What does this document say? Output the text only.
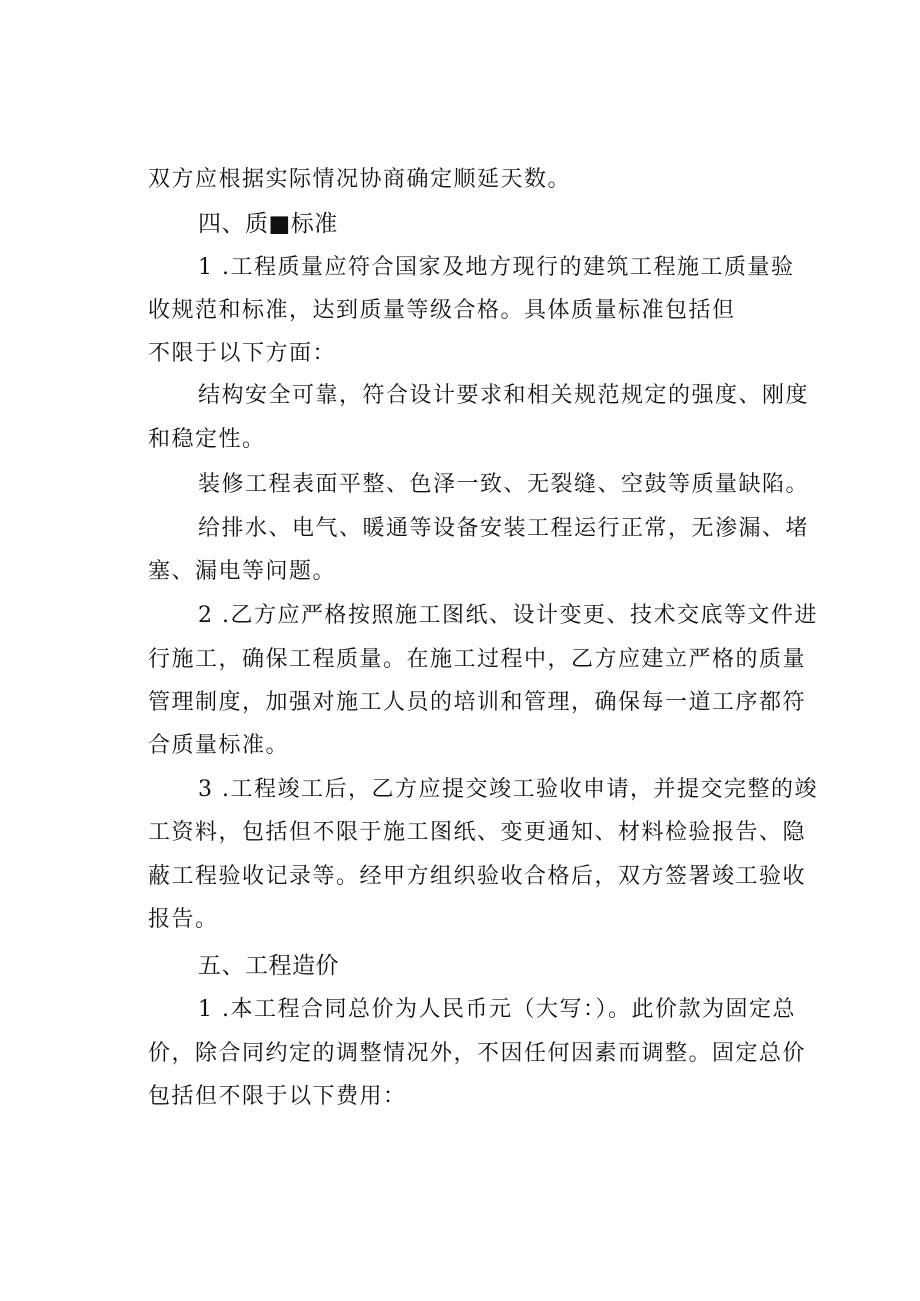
双方应根据实际情况协商确定顺延天数。
四、质■标准
1 .工程质量应符合国家及地方现行的建筑工程施工质量验
收规范和标准，达到质量等级合格。具体质量标准包括但
不限于以下方面：
结构安全可靠，符合设计要求和相关规范规定的强度、刚度
和稳定性。
装修工程表面平整、色泽一致、无裂缝、空鼓等质量缺陷。
给排水、电气、暖通等设备安装工程运行正常，无渗漏、堵
塞、漏电等问题。
2 .乙方应严格按照施工图纸、设计变更、技术交底等文件进
行施工，确保工程质量。在施工过程中，乙方应建立严格的质量
管理制度，加强对施工人员的培训和管理，确保每一道工序都符
合质量标准。
3 .工程竣工后，乙方应提交竣工验收申请，并提交完整的竣
工资料，包括但不限于施工图纸、变更通知、材料检验报告、隐
蔽工程验收记录等。经甲方组织验收合格后，双方签署竣工验收
报告。
五、工程造价
1 .本工程合同总价为人民币元（大写：）。此价款为固定总
价，除合同约定的调整情况外，不因任何因素而调整。固定总价
包括但不限于以下费用：
